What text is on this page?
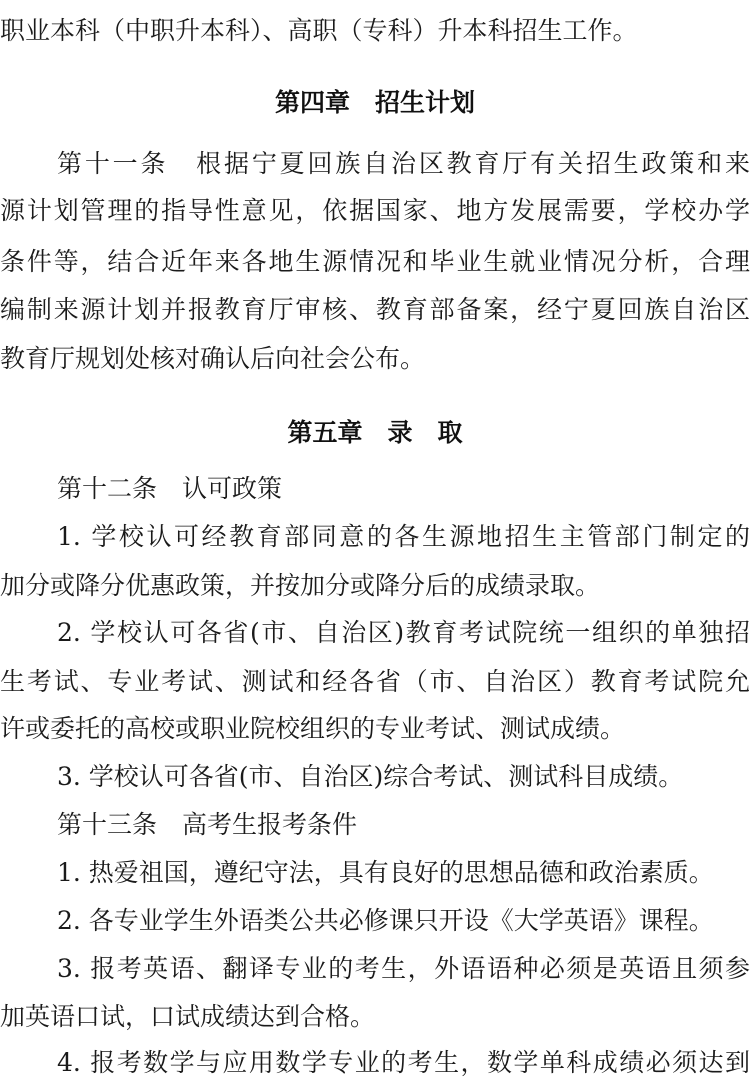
职业本科（中职升本科）、高职（专科）升本科招生工作。
第四章　招生计划
第十一条　根据宁夏回族自治区教育厅有关招生政策和来
源计划管理的指导性意见，依据国家、地方发展需要，学校办学
条件等，结合近年来各地生源情况和毕业生就业情况分析，合理
编制来源计划并报教育厅审核、教育部备案，经宁夏回族自治区
教育厅规划处核对确认后向社会公布。
第五章　录　取
第十二条　认可政策
1. 学校认可经教育部同意的各生源地招生主管部门制定的
加分或降分优惠政策，并按加分或降分后的成绩录取。
2. 学校认可各省(市、自治区)教育考试院统一组织的单独招
生考试、专业考试、测试和经各省（市、自治区）教育考试院允
许或委托的高校或职业院校组织的专业考试、测试成绩。
3. 学校认可各省(市、自治区)综合考试、测试科目成绩。
第十三条　高考生报考条件
1. 热爱祖国，遵纪守法，具有良好的思想品德和政治素质。
2. 各专业学生外语类公共必修课只开设《大学英语》课程。
3. 报考英语、翻译专业的考生，外语语种必须是英语且须参
加英语口试，口试成绩达到合格。
4. 报考数学与应用数学专业的考生，数学单科成绩必须达到
